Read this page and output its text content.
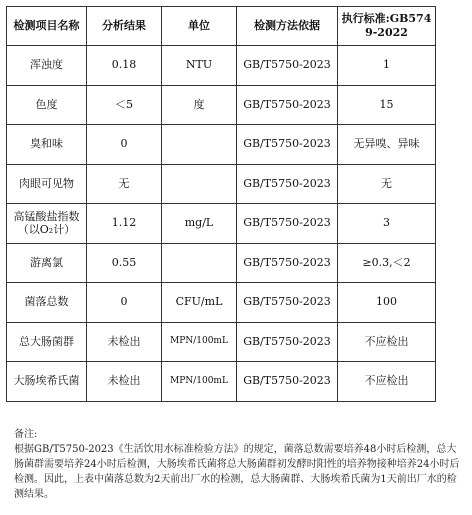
检测项目名称	分析结果	单位	检测方法依据	执行标准:GB5749-2022
浑浊度	0.18	NTU	GB/T5750-2023	1
色度	＜5	度	GB/T5750-2023	15
臭和味	0		GB/T5750-2023	无异嗅、异味
肉眼可见物	无		GB/T5750-2023	无
高锰酸盐指数（以O₂计）	1.12	mg/L	GB/T5750-2023	3
游离氯	0.55		GB/T5750-2023	≥0.3,＜2
菌落总数	0	CFU/mL	GB/T5750-2023	100
总大肠菌群	未检出	MPN/100mL	GB/T5750-2023	不应检出
大肠埃希氏菌	未检出	MPN/100mL	GB/T5750-2023	不应检出

备注:

根据GB/T5750-2023《生活饮用水标准检验方法》的规定，菌落总数需要培养48小时后检测，总大肠菌群需要培养24小时后检测，大肠埃希氏菌将总大肠菌群初发酵时阳性的培养物接种培养24小时后检测。因此，上表中菌落总数为2天前出厂水的检测，总大肠菌群、大肠埃希氏菌为1天前出厂水的检测结果。
